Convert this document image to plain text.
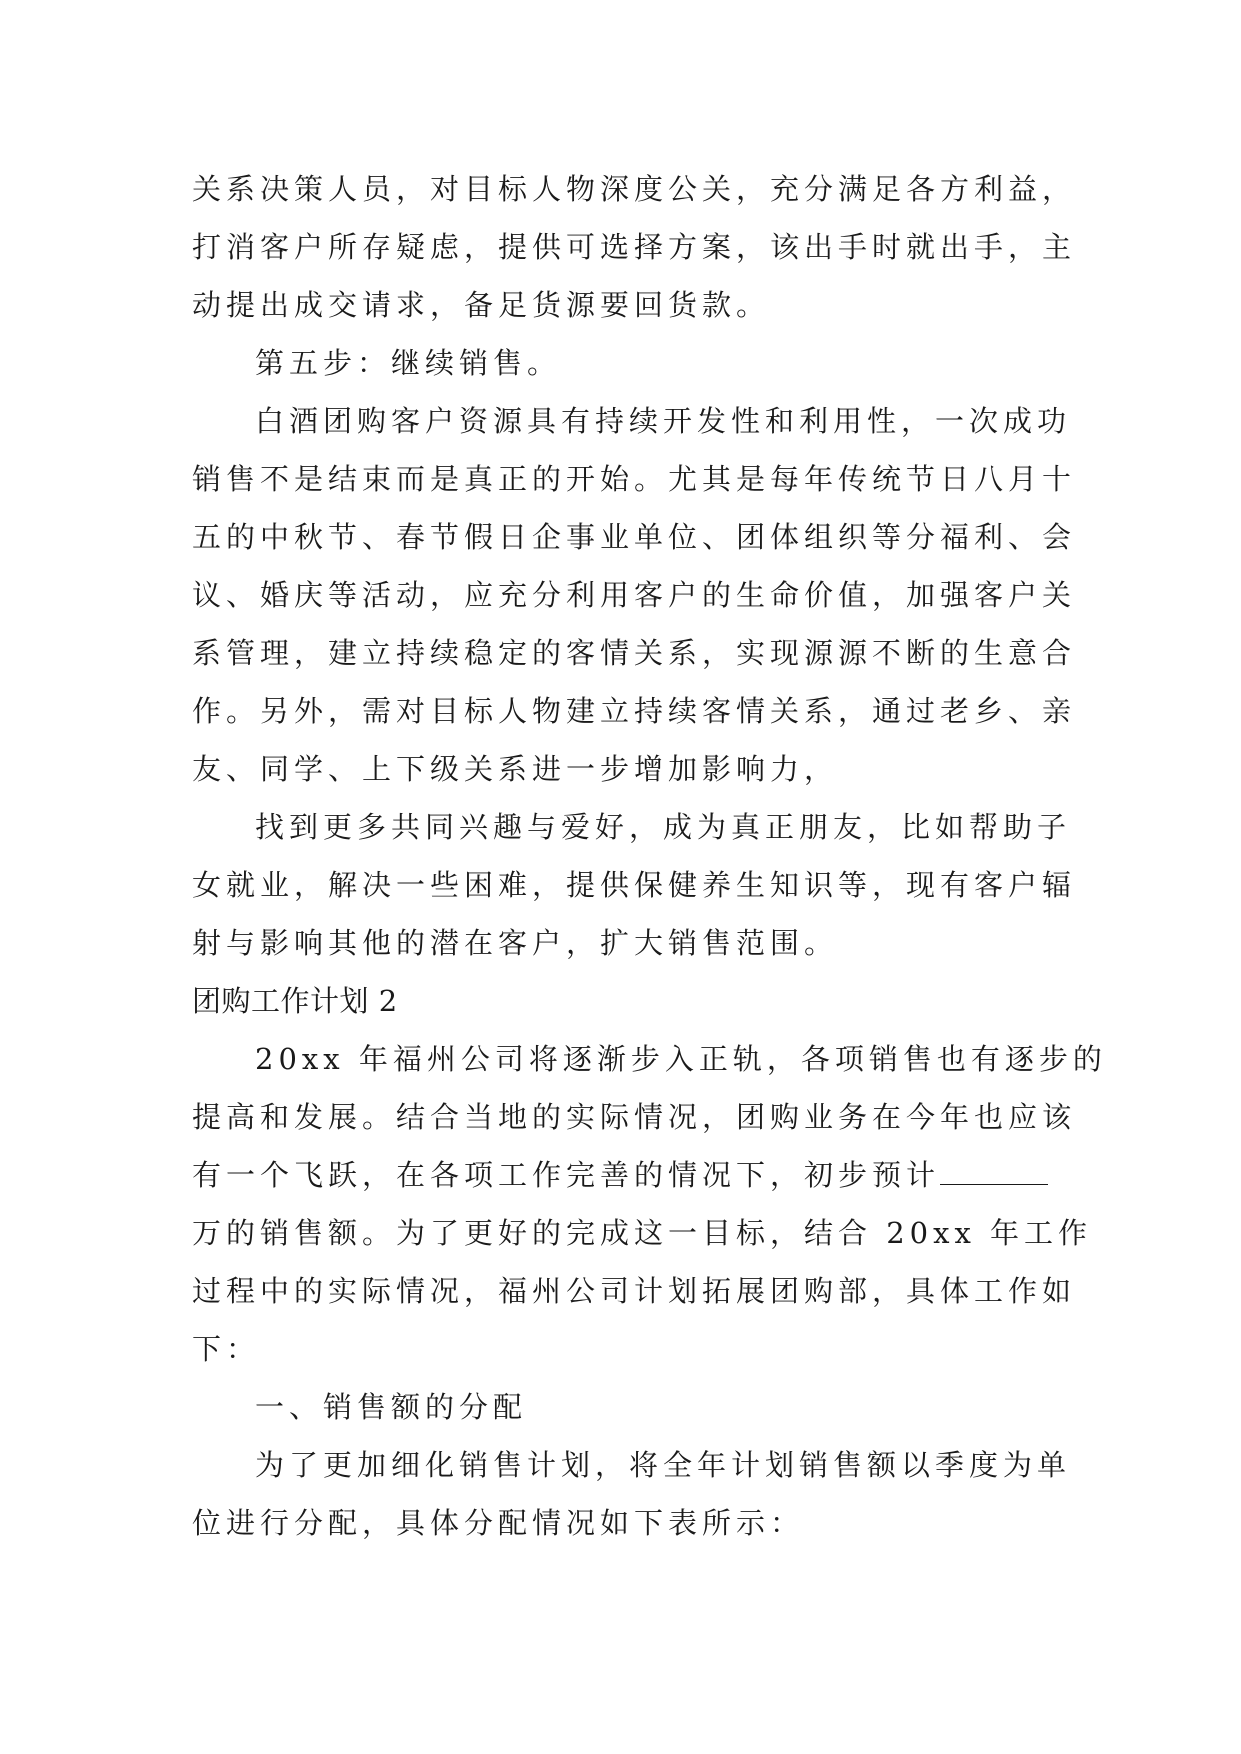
关系决策人员，对目标人物深度公关，充分满足各方利益，
打消客户所存疑虑，提供可选择方案，该出手时就出手，主
动提出成交请求，备足货源要回货款。
第五步：继续销售。
白酒团购客户资源具有持续开发性和利用性，一次成功
销售不是结束而是真正的开始。尤其是每年传统节日八月十
五的中秋节、春节假日企事业单位、团体组织等分福利、会
议、婚庆等活动，应充分利用客户的生命价值，加强客户关
系管理，建立持续稳定的客情关系，实现源源不断的生意合
作。另外，需对目标人物建立持续客情关系，通过老乡、亲
友、同学、上下级关系进一步增加影响力，
找到更多共同兴趣与爱好，成为真正朋友，比如帮助子
女就业，解决一些困难，提供保健养生知识等，现有客户辐
射与影响其他的潜在客户，扩大销售范围。
团购工作计划 2
20xx 年福州公司将逐渐步入正轨，各项销售也有逐步的
提高和发展。结合当地的实际情况，团购业务在今年也应该
有一个飞跃，在各项工作完善的情况下，初步预计
万的销售额。为了更好的完成这一目标，结合 20xx 年工作
过程中的实际情况，福州公司计划拓展团购部，具体工作如
下：
一、销售额的分配
为了更加细化销售计划，将全年计划销售额以季度为单
位进行分配，具体分配情况如下表所示：
